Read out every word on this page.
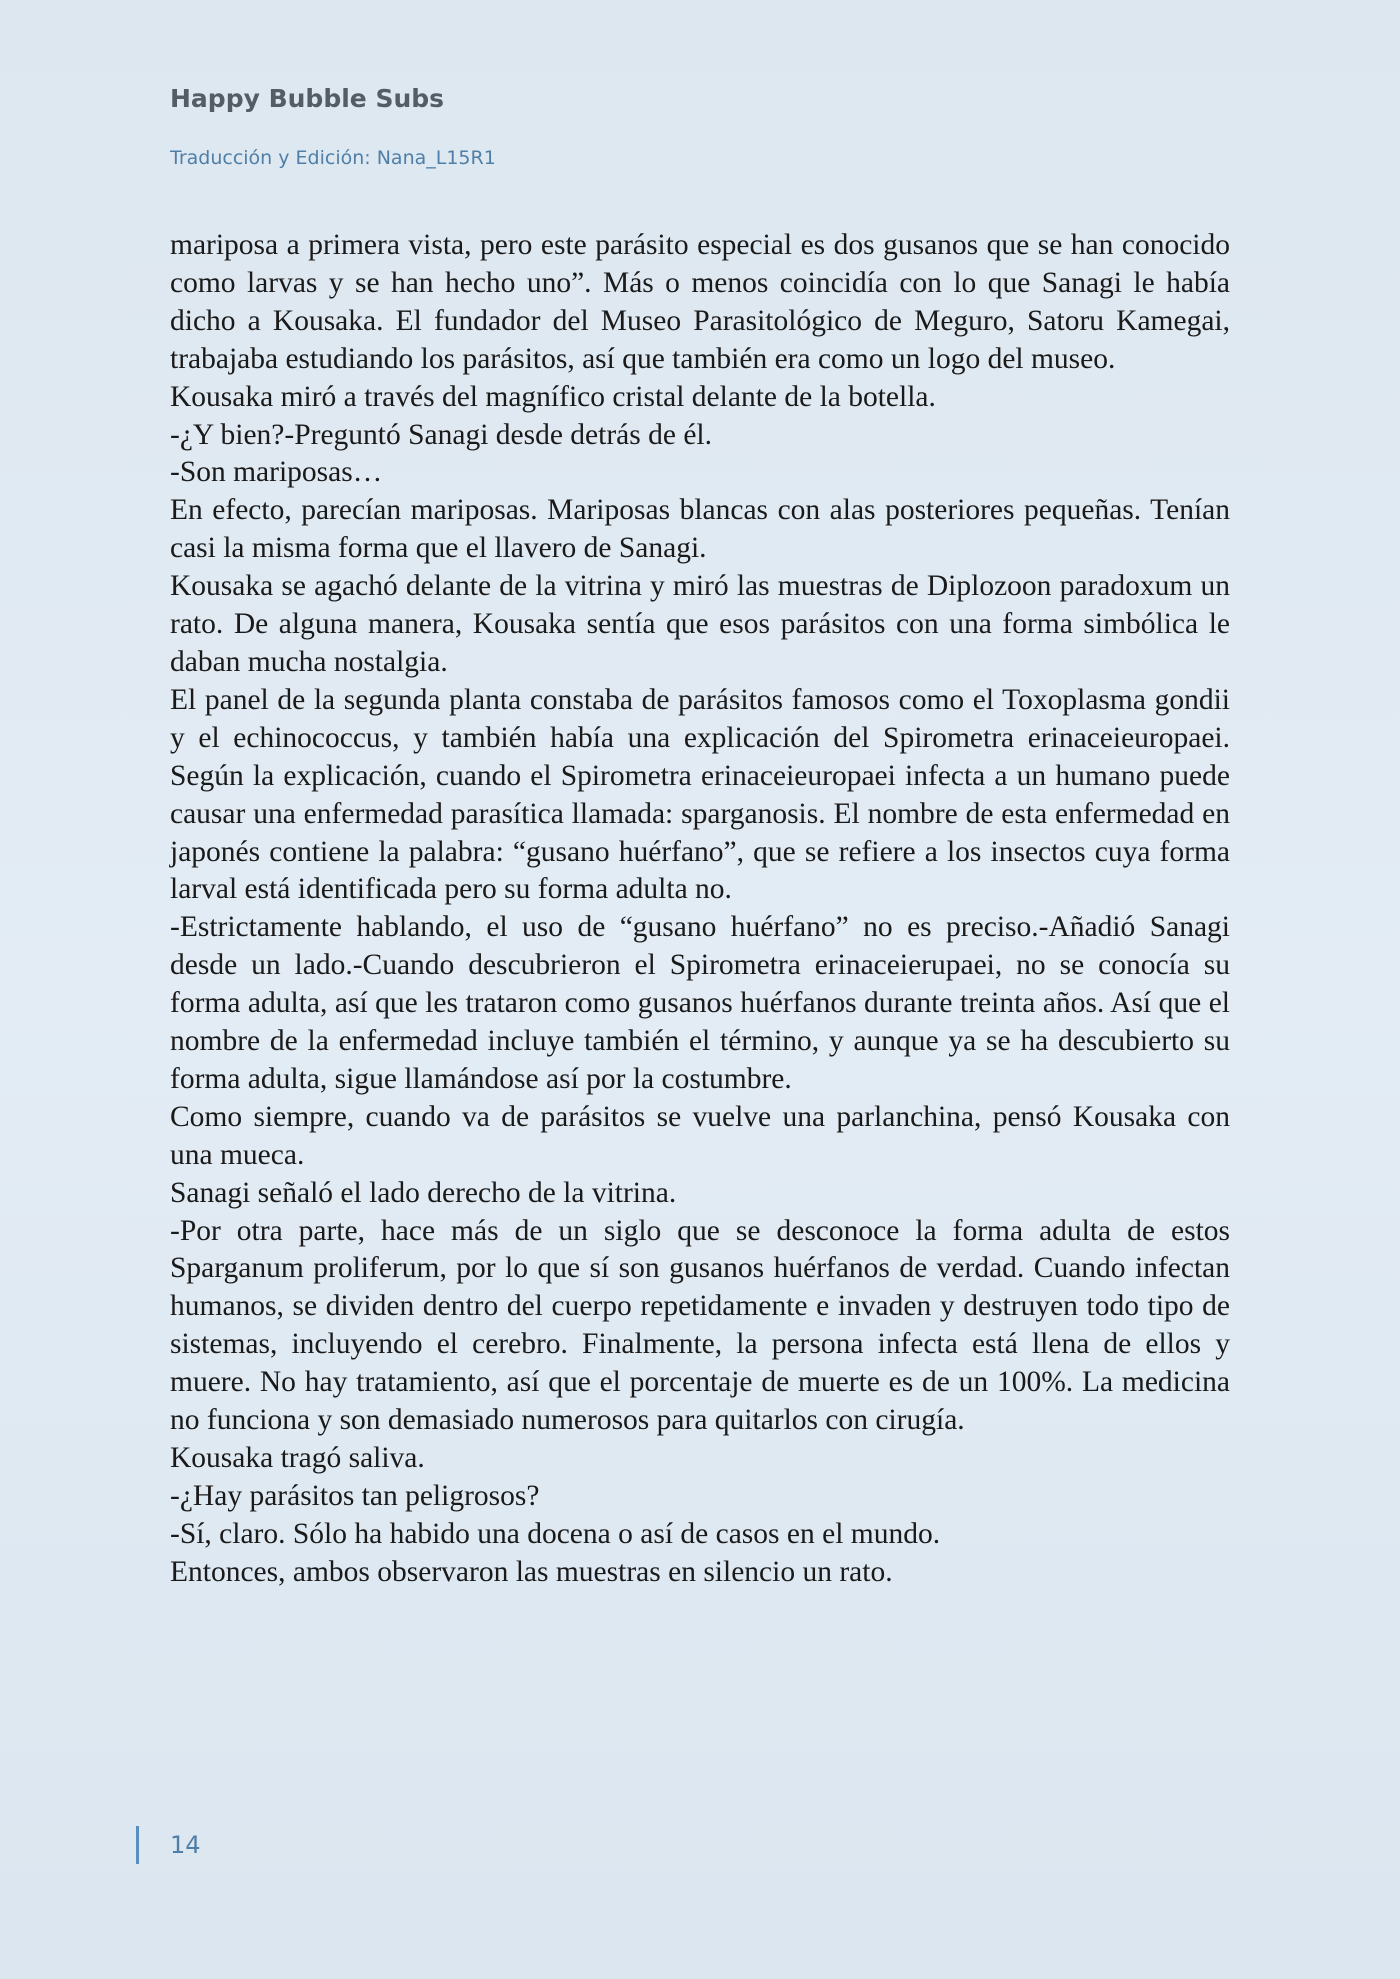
Happy Bubble Subs
Traducción y Edición: Nana_L15R1

mariposa a primera vista, pero este parásito especial es dos gusanos que se han conocido como larvas y se han hecho uno”. Más o menos coincidía con lo que Sanagi le había dicho a Kousaka. El fundador del Museo Parasitológico de Meguro, Satoru Kamegai, trabajaba estudiando los parásitos, así que también era como un logo del museo.

Kousaka miró a través del magnífico cristal delante de la botella.

-¿Y bien?-Preguntó Sanagi desde detrás de él.

-Son mariposas…

En efecto, parecían mariposas. Mariposas blancas con alas posteriores pequeñas. Tenían casi la misma forma que el llavero de Sanagi.

Kousaka se agachó delante de la vitrina y miró las muestras de Diplozoon paradoxum un rato. De alguna manera, Kousaka sentía que esos parásitos con una forma simbólica le daban mucha nostalgia.

El panel de la segunda planta constaba de parásitos famosos como el Toxoplasma gondii y el echinococcus, y también había una explicación del Spirometra erinaceieuropaei. Según la explicación, cuando el Spirometra erinaceieuropaei infecta a un humano puede causar una enfermedad parasítica llamada: sparganosis. El nombre de esta enfermedad en japonés contiene la palabra: “gusano huérfano”, que se refiere a los insectos cuya forma larval está identificada pero su forma adulta no.

-Estrictamente hablando, el uso de “gusano huérfano” no es preciso.-Añadió Sanagi desde un lado.-Cuando descubrieron el Spirometra erinaceierupaei, no se conocía su forma adulta, así que les trataron como gusanos huérfanos durante treinta años. Así que el nombre de la enfermedad incluye también el término, y aunque ya se ha descubierto su forma adulta, sigue llamándose así por la costumbre.

Como siempre, cuando va de parásitos se vuelve una parlanchina, pensó Kousaka con una mueca.

Sanagi señaló el lado derecho de la vitrina.

-Por otra parte, hace más de un siglo que se desconoce la forma adulta de estos Sparganum proliferum, por lo que sí son gusanos huérfanos de verdad. Cuando infectan humanos, se dividen dentro del cuerpo repetidamente e invaden y destruyen todo tipo de sistemas, incluyendo el cerebro. Finalmente, la persona infecta está llena de ellos y muere. No hay tratamiento, así que el porcentaje de muerte es de un 100%. La medicina no funciona y son demasiado numerosos para quitarlos con cirugía.

Kousaka tragó saliva.

-¿Hay parásitos tan peligrosos?

-Sí, claro. Sólo ha habido una docena o así de casos en el mundo.

Entonces, ambos observaron las muestras en silencio un rato.

14
